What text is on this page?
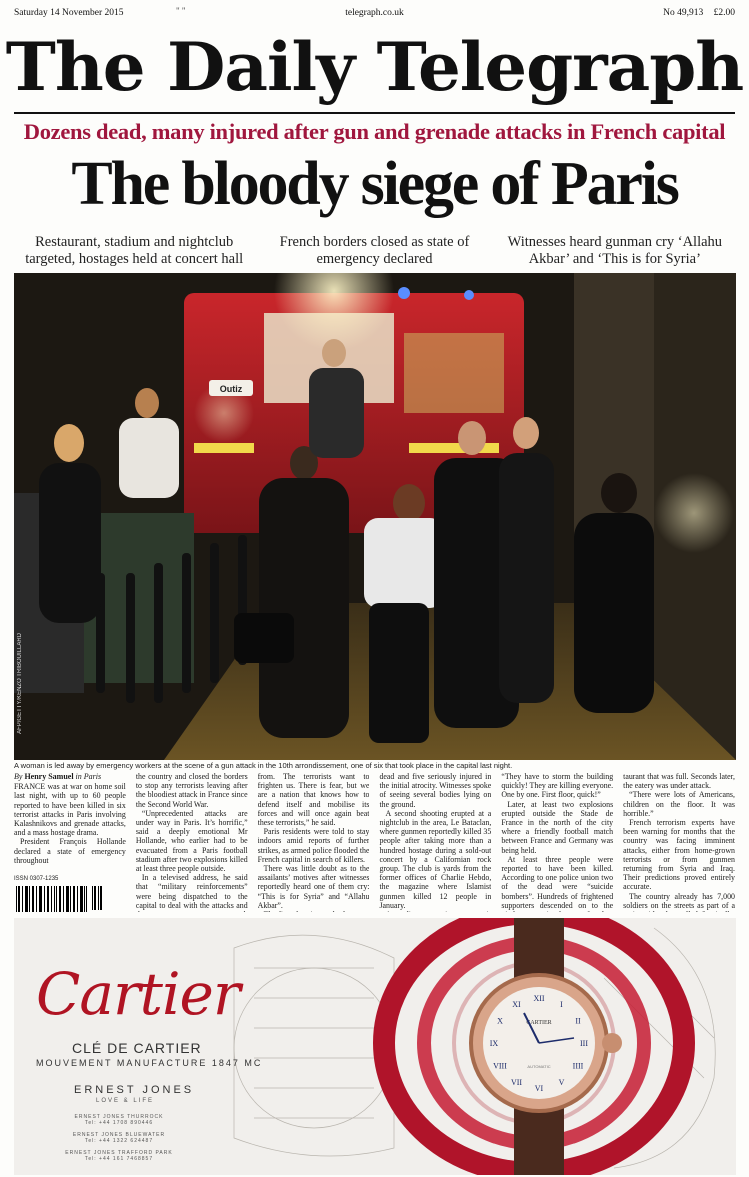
Saturday 14 November 2015	" "	telegraph.co.uk	No 49,913 £2.00
The Daily Telegraph
Dozens dead, many injured after gun and grenade attacks in French capital
The bloody siege of Paris
Restaurant, stadium and nightclub targeted, hostages held at concert hall
French borders closed as state of emergency declared
Witnesses heard gunman cry ‘Allahu Akbar’ and ‘This is for Syria’
Outiz
AFP/GETTY/KENZO TRIBOUILLARD
A woman is led away by emergency workers at the scene of a gun attack in the 10th arrondissement, one of six that took place in the capital last night.
By Henry Samuel in Paris

FRANCE was at war on home soil last night, with up to 60 people reported to have been killed in six terrorist attacks in Paris involving Kalashnikovs and grenade attacks, and a mass hostage drama.

President François Hollande declared a state of emergency throughout

ISSN 0307-1235

the country and closed the borders to stop any terrorists leaving after the bloodiest attack in France since the Second World War.

“Unprecedented attacks are under way in Paris. It’s horrific,” said a deeply emotional Mr Hollande, who earlier had to be evacuated from a Paris football stadium after two explosions killed at least three people outside.

In a televised address, he said that “military reinforcements” were being dispatched to the capital to deal with the attacks and

from. The terrorists want to frighten us. There is fear, but we are a nation that knows how to defend itself and mobilise its forces and will once again beat these terrorists,” he said.

Paris residents were told to stay indoors amid reports of further strikes, as armed police flooded the French capital in search of killers.

There was little doubt as to the assailants’ motives after witnesses reportedly heard one of them cry: “This is for Syria” and “Allahu Akbar”.

dead and five seriously injured in the initial atrocity. Witnesses spoke of seeing several bodies lying on the ground.

A second shooting erupted at a nightclub in the area, Le Bataclan, where gunmen reportedly killed 35 people after taking more than a hundred hostage during a sold-out concert by a Californian rock group. The club is yards from the former offices of Charlie Hebdo, the magazine where Islamist gunmen killed 12 people in January.

“They have to storm the building quickly! They are killing everyone. One by one. First floor, quick!”

Later, at least two explosions erupted outside the Stade de France in the north of the city where a friendly football match between France and Germany was being held.

At least three people were reported to have been killed. According to one police union two of the dead were “suicide bombers”. Hundreds of frightened supporters descended on to the

taurant that was full. Seconds later, the eatery was under attack.

“There were lots of Americans, children on the floor. It was horrible.”

French terrorism experts have been warning for months that the country was facing imminent attacks, either from home-grown terrorists or from gunmen returning from Syria and Iraq. Their predictions proved entirely accurate.

The country already has 7,000 soldiers on the streets as part of a

XII
I
II
III
IIII
V
VI
VII
VIII
IX
X
XI
CARTIER
AUTOMATIC
Cartier
CLÉ DE CARTIER
MOUVEMENT MANUFACTURE 1847 MC
ERNEST JONES
LOVE & LIFE
ERNEST JONES THURROCK
Tel: +44 1708 890446
ERNEST JONES BLUEWATER
Tel: +44 1322 624487
ERNEST JONES TRAFFORD PARK
Tel: +44 161 7468857
